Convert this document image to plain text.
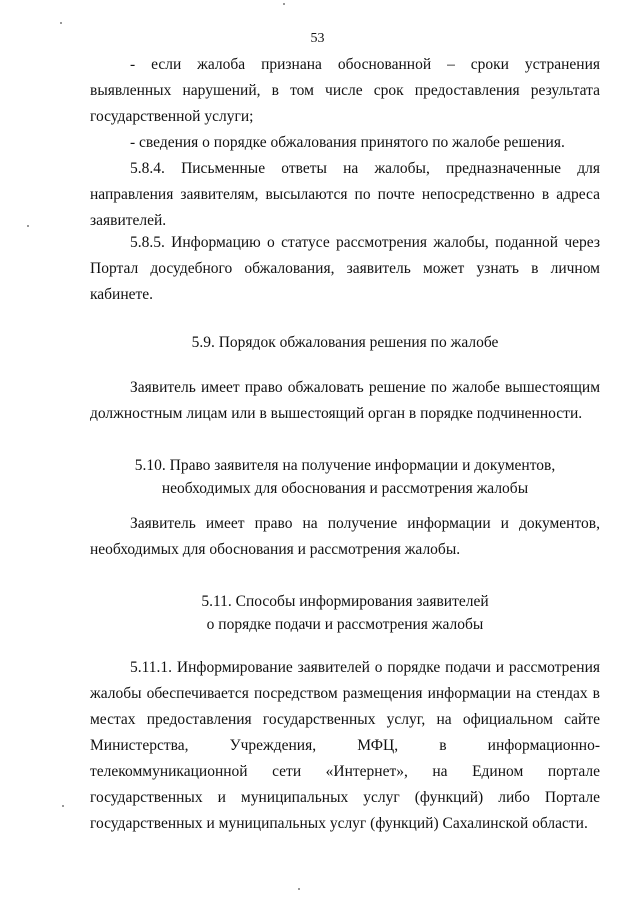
53

- если жалоба признана обоснованной – сроки устранения выявленных нарушений, в том числе срок предоставления результата государственной услуги;

- сведения о порядке обжалования принятого по жалобе решения.

5.8.4. Письменные ответы на жалобы, предназначенные для направления заявителям, высылаются по почте непосредственно в адреса заявителей.

5.8.5. Информацию о статусе рассмотрения жалобы, поданной через Портал досудебного обжалования, заявитель может узнать в личном кабинете.

5.9. Порядок обжалования решения по жалобе

Заявитель имеет право обжаловать решение по жалобе вышестоящим должностным лицам или в вышестоящий орган в порядке подчиненности.

5.10. Право заявителя на получение информации и документов,
необходимых для обоснования и рассмотрения жалобы

Заявитель имеет право на получение информации и документов, необходимых для обоснования и рассмотрения жалобы.

5.11. Способы информирования заявителей
о порядке подачи и рассмотрения жалобы

5.11.1. Информирование заявителей о порядке подачи и рассмотрения жалобы обеспечивается посредством размещения информации на стендах в местах предоставления государственных услуг, на официальном сайте Министерства, Учреждения, МФЦ, в информационно-телекоммуникационной сети «Интернет», на Едином портале государственных и муниципальных услуг (функций) либо Портале государственных и муниципальных услуг (функций) Сахалинской области.
